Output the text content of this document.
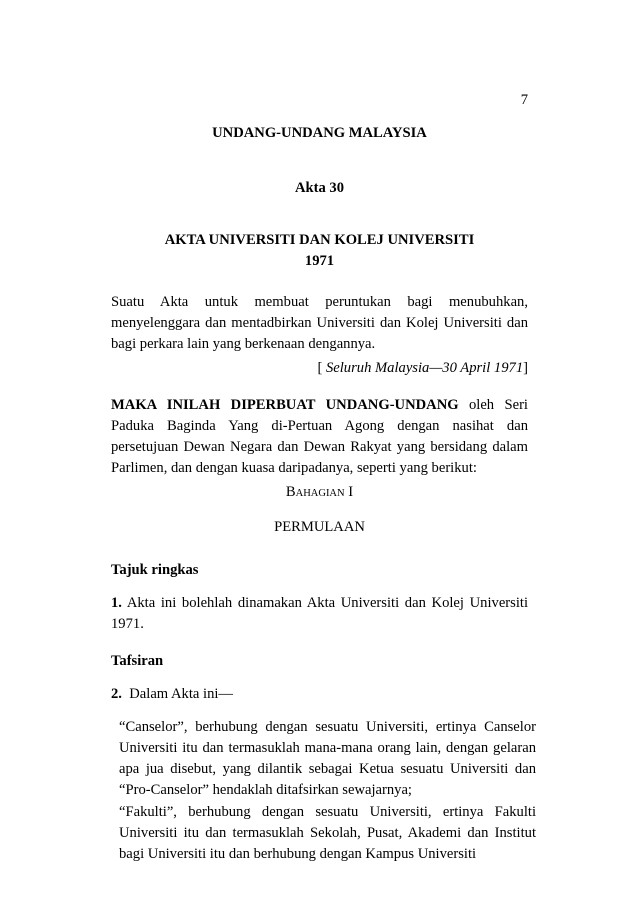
7
UNDANG-UNDANG MALAYSIA
Akta 30
AKTA UNIVERSITI DAN KOLEJ UNIVERSITI
1971

Suatu Akta untuk membuat peruntukan bagi menubuhkan, menyelenggara dan mentadbirkan Universiti dan Kolej Universiti dan bagi perkara lain yang berkenaan dengannya.

[ Seluruh Malaysia—30 April 1971]

MAKA INILAH DIPERBUAT UNDANG-UNDANG oleh Seri Paduka Baginda Yang di-Pertuan Agong dengan nasihat dan persetujuan Dewan Negara dan Dewan Rakyat yang bersidang dalam Parlimen, dan dengan kuasa daripadanya, seperti yang berikut:

BAHAGIAN I
PERMULAAN
Tajuk ringkas

1. Akta ini bolehlah dinamakan Akta Universiti dan Kolej Universiti 1971.

Tafsiran
2.  Dalam Akta ini—

“Canselor”, berhubung dengan sesuatu Universiti, ertinya Canselor Universiti itu dan termasuklah mana-mana orang lain, dengan gelaran apa jua disebut, yang dilantik sebagai Ketua sesuatu Universiti dan “Pro-Canselor” hendaklah ditafsirkan sewajarnya;

“Fakulti”, berhubung dengan sesuatu Universiti, ertinya Fakulti Universiti itu dan termasuklah Sekolah, Pusat, Akademi dan Institut bagi Universiti itu dan berhubung dengan Kampus Universiti
